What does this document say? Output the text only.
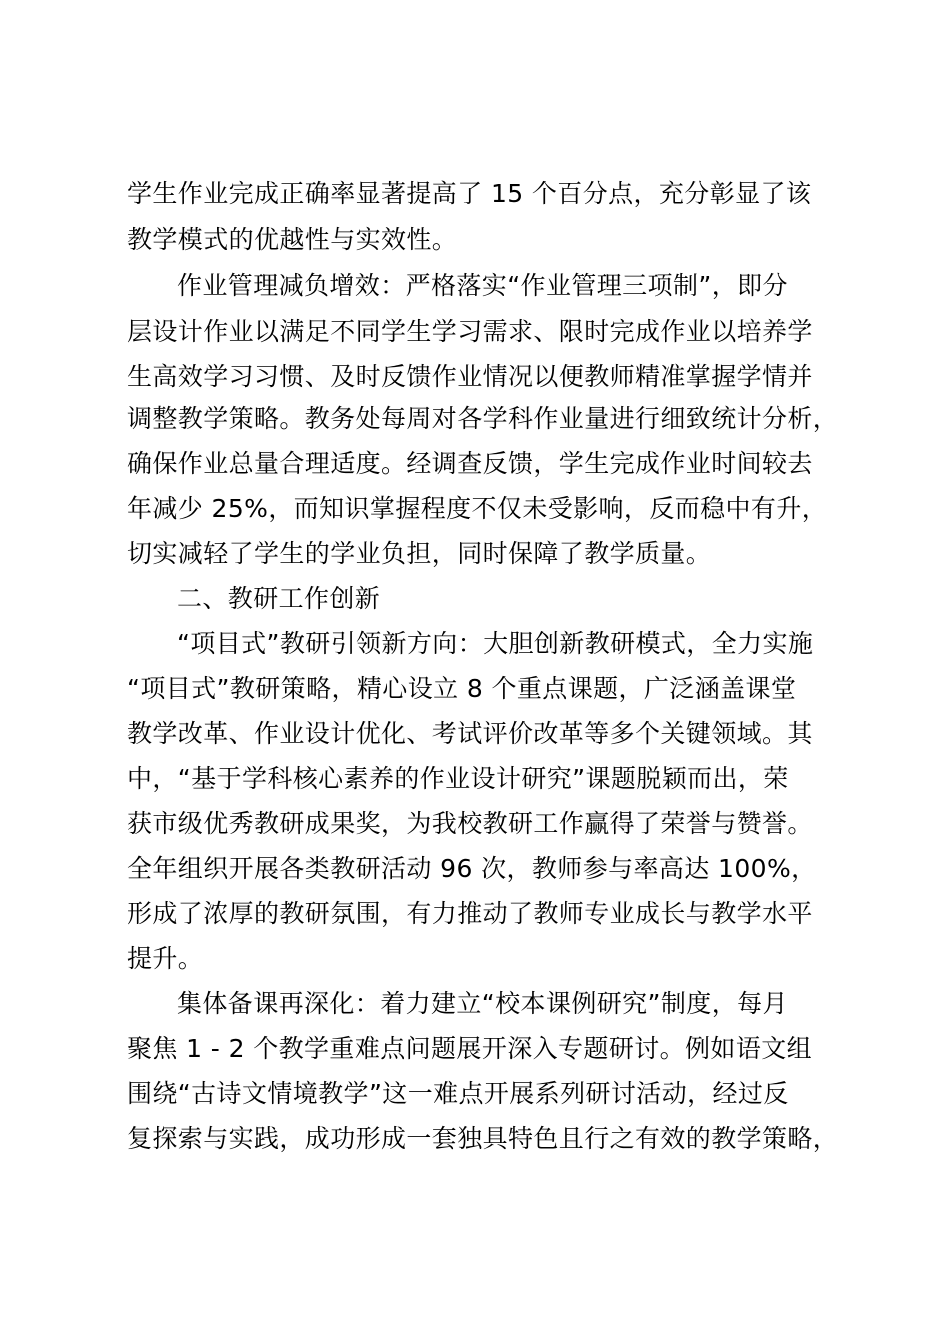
学生作业完成正确率显著提高了 15 个百分点，充分彰显了该

教学模式的优越性与实效性。

作业管理减负增效：严格落实“作业管理三项制”，即分

层设计作业以满足不同学生学习需求、限时完成作业以培养学

生高效学习习惯、及时反馈作业情况以便教师精准掌握学情并

调整教学策略。教务处每周对各学科作业量进行细致统计分析，

确保作业总量合理适度。经调查反馈，学生完成作业时间较去

年减少 25%，而知识掌握程度不仅未受影响，反而稳中有升，

切实减轻了学生的学业负担，同时保障了教学质量。

二、教研工作创新

“项目式”教研引领新方向：大胆创新教研模式，全力实施

“项目式”教研策略，精心设立 8 个重点课题，广泛涵盖课堂

教学改革、作业设计优化、考试评价改革等多个关键领域。其

中，“基于学科核心素养的作业设计研究”课题脱颖而出，荣

获市级优秀教研成果奖，为我校教研工作赢得了荣誉与赞誉。

全年组织开展各类教研活动 96 次，教师参与率高达 100%，

形成了浓厚的教研氛围，有力推动了教师专业成长与教学水平

提升。

集体备课再深化：着力建立“校本课例研究”制度，每月

聚焦 1 - 2 个教学重难点问题展开深入专题研讨。例如语文组

围绕“古诗文情境教学”这一难点开展系列研讨活动，经过反

复探索与实践，成功形成一套独具特色且行之有效的教学策略，
